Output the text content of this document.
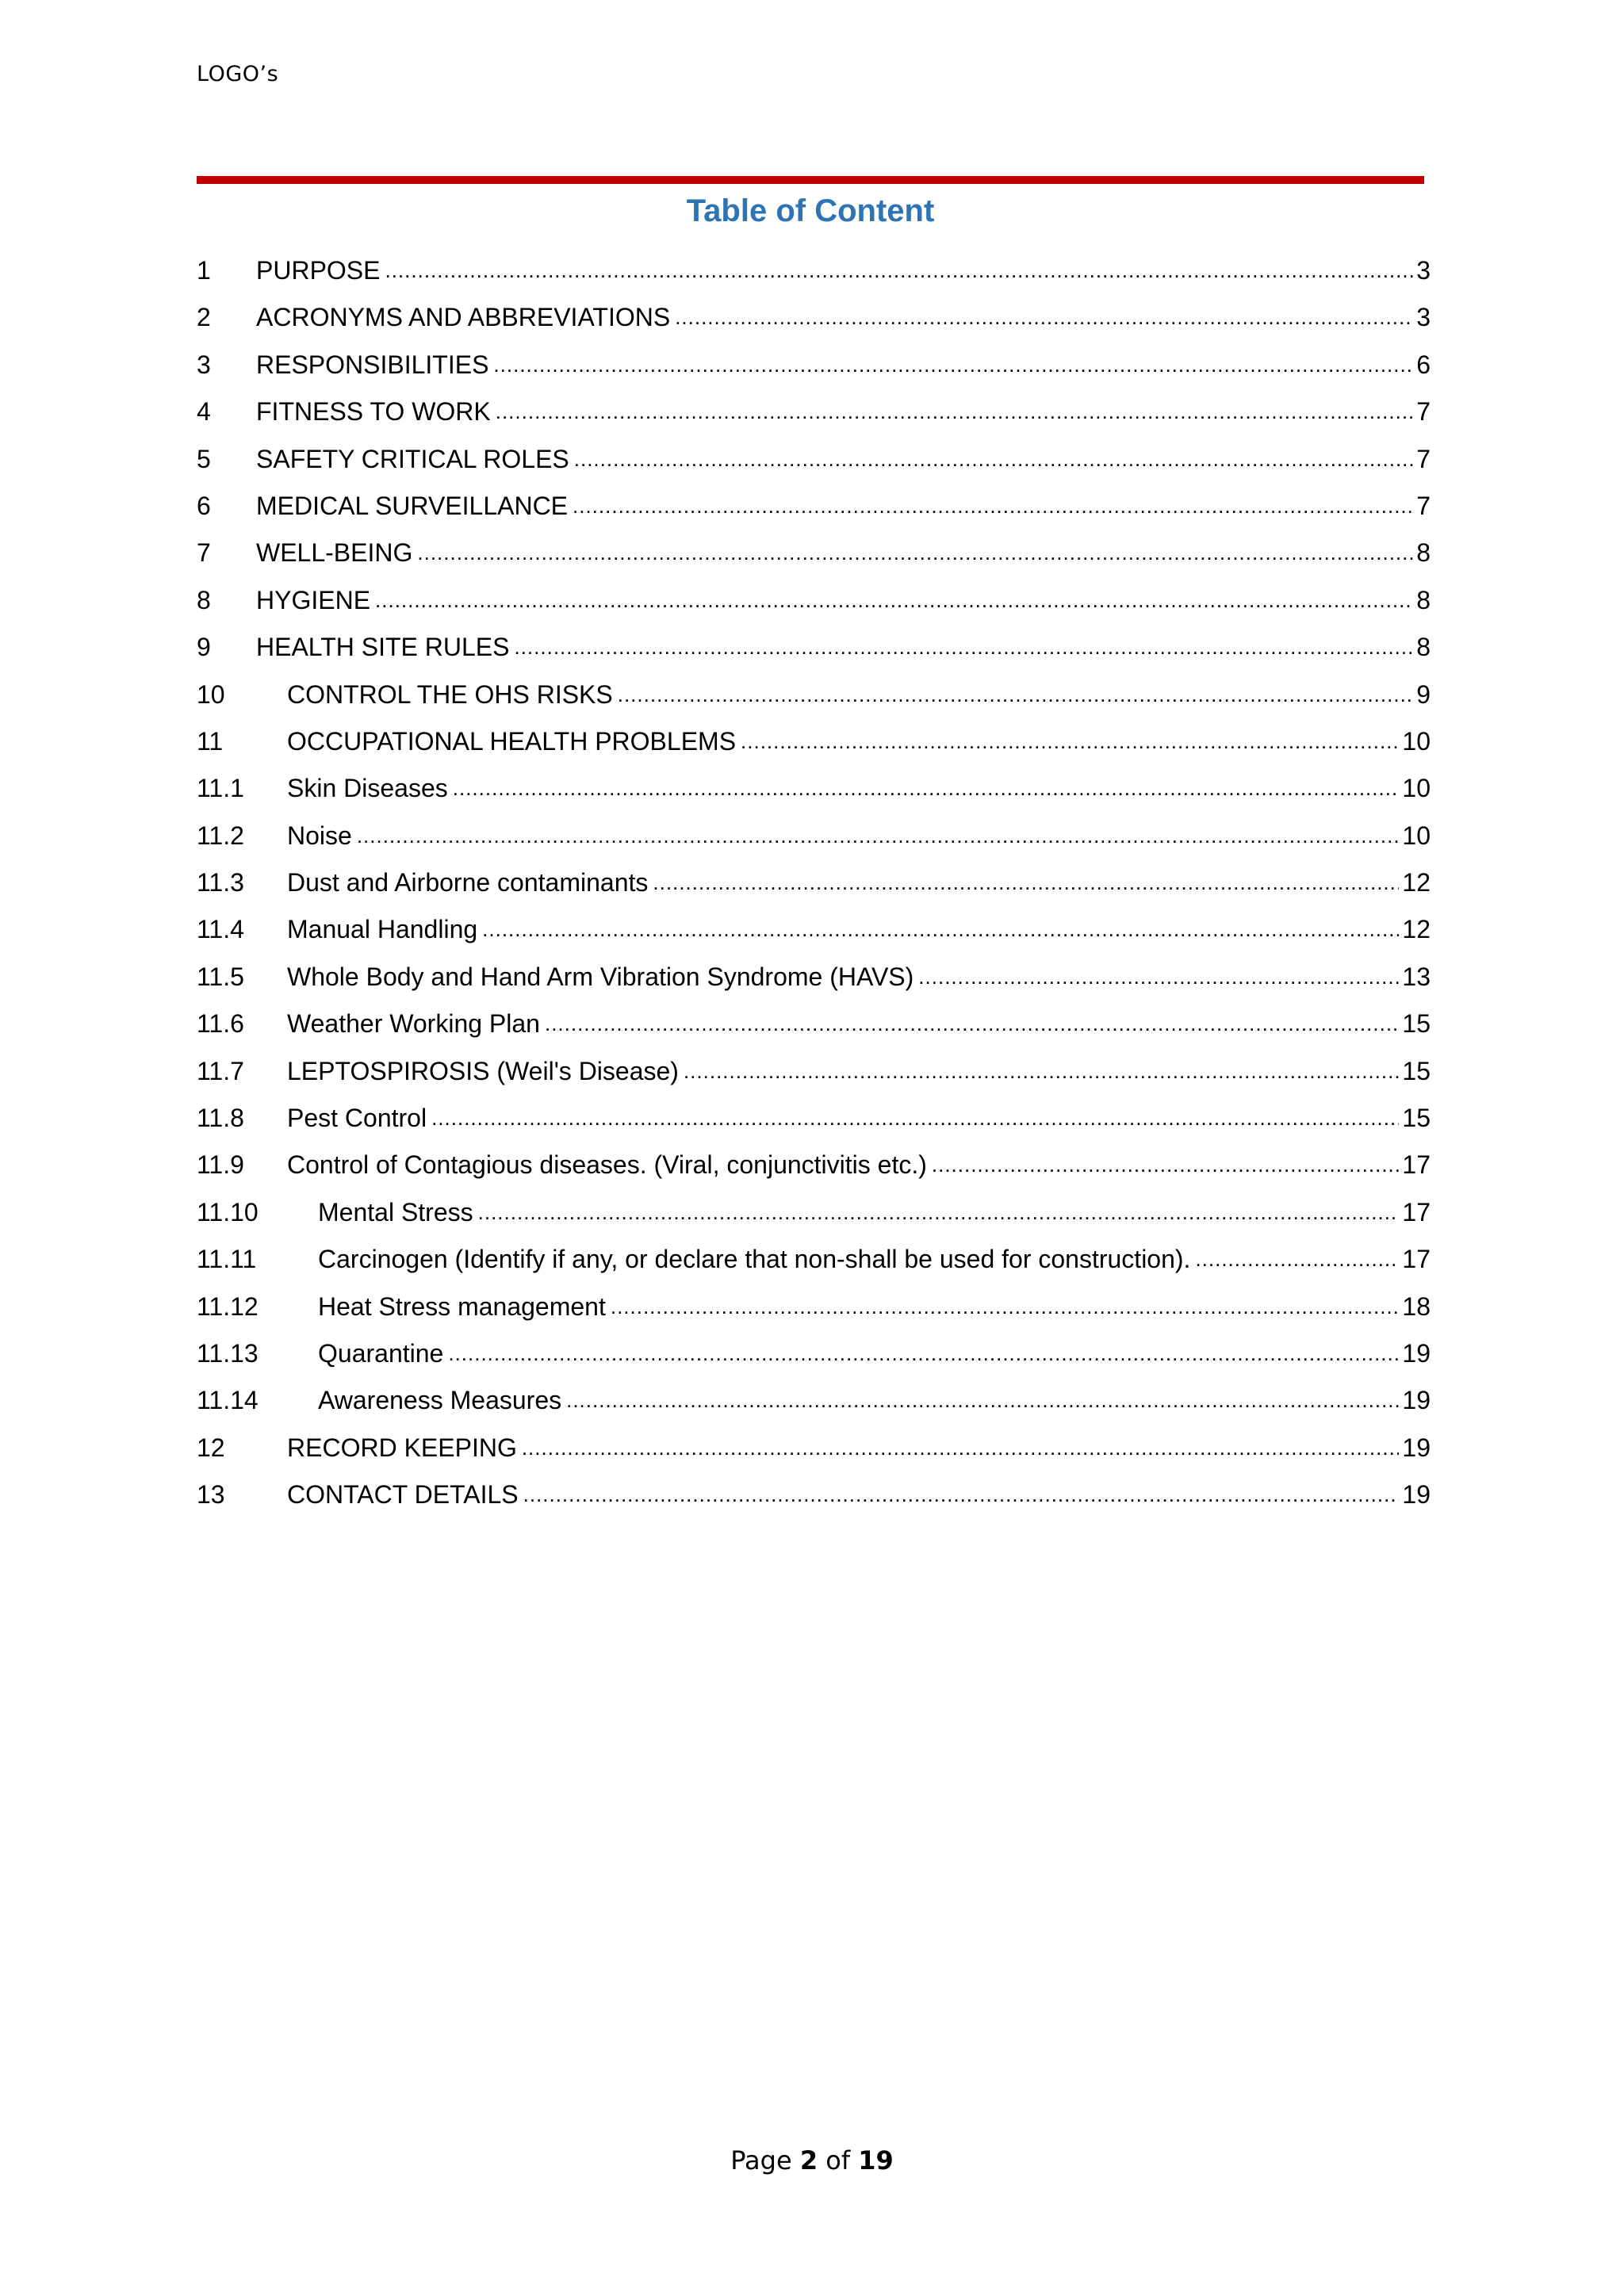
LOGO’s
Table of Content
1	PURPOSE .....	3
2	ACRONYMS AND ABBREVIATIONS .....	3
3	RESPONSIBILITIES .....	6
4	FITNESS TO WORK .....	7
5	SAFETY CRITICAL ROLES .....	7
6	MEDICAL SURVEILLANCE .....	7
7	WELL-BEING .....	8
8	HYGIENE .....	8
9	HEALTH SITE RULES .....	8
10	CONTROL THE OHS RISKS .....	9
11	OCCUPATIONAL HEALTH PROBLEMS .....	10
11.1	Skin Diseases .....	10
11.2	Noise .....	10
11.3	Dust and Airborne contaminants .....	12
11.4	Manual Handling .....	12
11.5	Whole Body and Hand Arm Vibration Syndrome (HAVS) .....	13
11.6	Weather Working Plan .....	15
11.7	LEPTOSPIROSIS (Weil's Disease) .....	15
11.8	Pest Control .....	15
11.9	Control of Contagious diseases. (Viral, conjunctivitis etc.) .....	17
11.10	Mental Stress .....	17
11.11	Carcinogen (Identify if any, or declare that non-shall be used for construction). .....	17
11.12	Heat Stress management .....	18
11.13	Quarantine .....	19
11.14	Awareness Measures .....	19
12	RECORD KEEPING .....	19
13	CONTACT DETAILS .....	19
Page 2 of 19
